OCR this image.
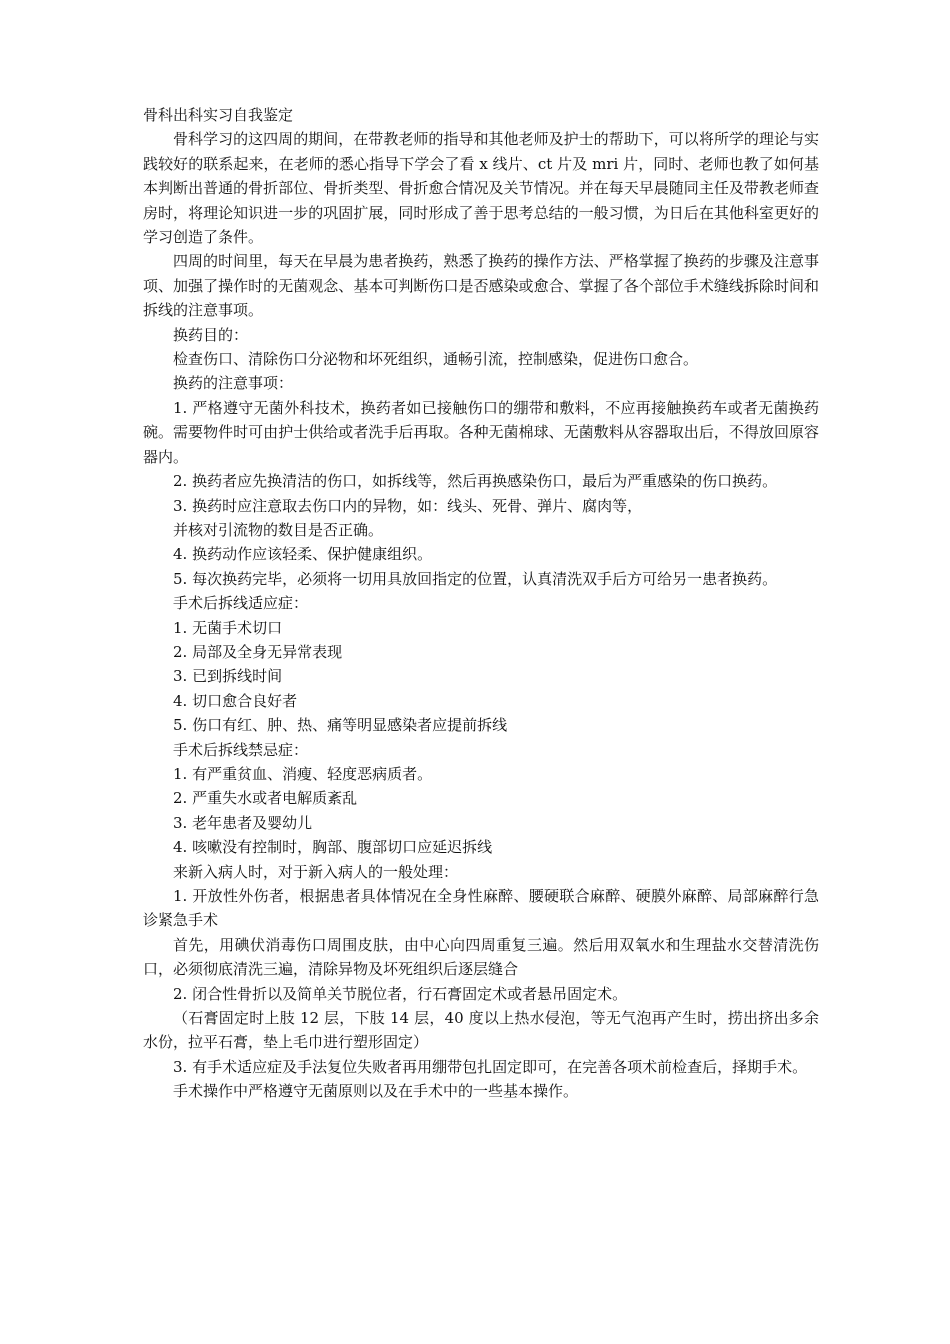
骨科出科实习自我鉴定

骨科学习的这四周的期间，在带教老师的指导和其他老师及护士的帮助下，可以将所学的理论与实践较好的联系起来，在老师的悉心指导下学会了看 x 线片、ct 片及 mri 片，同时、老师也教了如何基本判断出普通的骨折部位、骨折类型、骨折愈合情况及关节情况。并在每天早晨随同主任及带教老师查房时，将理论知识进一步的巩固扩展，同时形成了善于思考总结的一般习惯，为日后在其他科室更好的学习创造了条件。

四周的时间里，每天在早晨为患者换药，熟悉了换药的操作方法、严格掌握了换药的步骤及注意事项、加强了操作时的无菌观念、基本可判断伤口是否感染或愈合、掌握了各个部位手术缝线拆除时间和拆线的注意事项。

换药目的：

检查伤口、清除伤口分泌物和坏死组织，通畅引流，控制感染，促进伤口愈合。

换药的注意事项：

1. 严格遵守无菌外科技术，换药者如已接触伤口的绷带和敷料，不应再接触换药车或者无菌换药碗。需要物件时可由护士供给或者洗手后再取。各种无菌棉球、无菌敷料从容器取出后，不得放回原容器内。

2. 换药者应先换清洁的伤口，如拆线等，然后再换感染伤口，最后为严重感染的伤口换药。

3. 换药时应注意取去伤口内的异物，如：线头、死骨、弹片、腐肉等，

并核对引流物的数目是否正确。

4. 换药动作应该轻柔、保护健康组织。

5. 每次换药完毕，必须将一切用具放回指定的位置，认真清洗双手后方可给另一患者换药。

手术后拆线适应症：

1. 无菌手术切口

2. 局部及全身无异常表现

3. 已到拆线时间

4. 切口愈合良好者

5. 伤口有红、肿、热、痛等明显感染者应提前拆线

手术后拆线禁忌症：

1. 有严重贫血、消瘦、轻度恶病质者。

2. 严重失水或者电解质紊乱

3. 老年患者及婴幼儿

4. 咳嗽没有控制时，胸部、腹部切口应延迟拆线

来新入病人时，对于新入病人的一般处理：

1. 开放性外伤者，根据患者具体情况在全身性麻醉、腰硬联合麻醉、硬膜外麻醉、局部麻醉行急诊紧急手术

首先，用碘伏消毒伤口周围皮肤，由中心向四周重复三遍。然后用双氧水和生理盐水交替清洗伤口，必须彻底清洗三遍，清除异物及坏死组织后逐层缝合

2. 闭合性骨折以及简单关节脱位者，行石膏固定术或者悬吊固定术。

（石膏固定时上肢 12 层，下肢 14 层，40 度以上热水侵泡，等无气泡再产生时，捞出挤出多余水份，拉平石膏，垫上毛巾进行塑形固定）

3. 有手术适应症及手法复位失败者再用绷带包扎固定即可，在完善各项术前检查后，择期手术。

手术操作中严格遵守无菌原则以及在手术中的一些基本操作。
